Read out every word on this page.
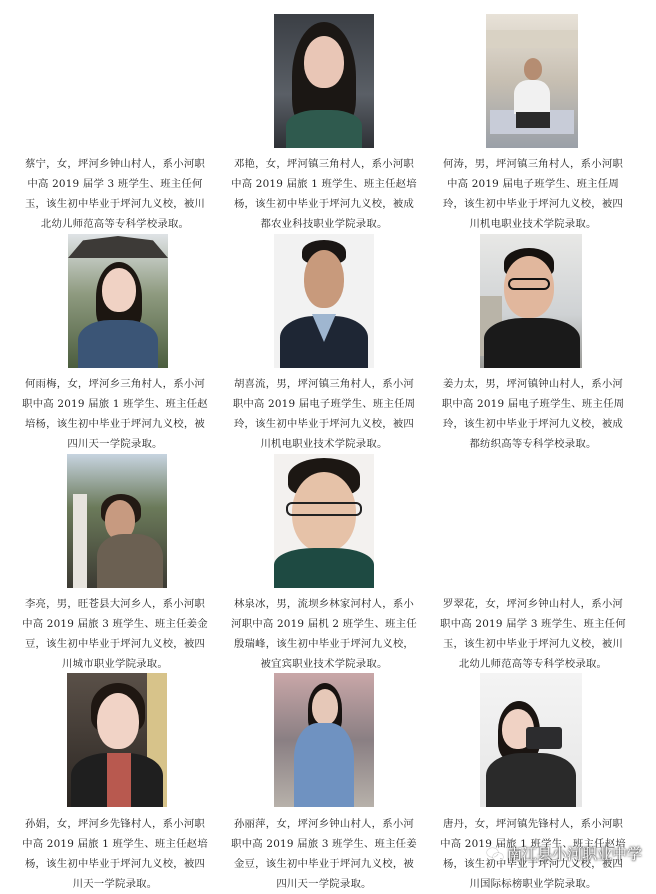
蔡宁，女，坪河乡钟山村人，系小河职中高 2019 届学 3 班学生、班主任何玉，该生初中毕业于坪河九义校，被川北幼儿师范高等专科学校录取。
邓艳，女，坪河镇三角村人，系小河职中高 2019 届旅 1 班学生、班主任赵培杨，该生初中毕业于坪河九义校，被成都农业科技职业学院录取。
何涛，男，坪河镇三角村人，系小河职中高 2019 届电子班学生、班主任周玲，该生初中毕业于坪河九义校，被四川机电职业技术学院录取。
何雨梅，女，坪河乡三角村人，系小河职中高 2019 届旅 1 班学生、班主任赵培杨，该生初中毕业于坪河九义校，被四川天一学院录取。
胡喜流，男，坪河镇三角村人，系小河职中高 2019 届电子班学生、班主任周玲，该生初中毕业于坪河九义校，被四川机电职业技术学院录取。
姜力太，男，坪河镇钟山村人，系小河职中高 2019 届电子班学生、班主任周玲，该生初中毕业于坪河九义校，被成都纺织高等专科学校录取。
李亮，男，旺苍县大河乡人，系小河职中高 2019 届旅 3 班学生、班主任姜金豆，该生初中毕业于坪河九义校，被四川城市职业学院录取。
林泉冰，男，流坝乡林家河村人，系小河职中高 2019 届机 2 班学生、班主任殷瑞峰，该生初中毕业于坪河九义校，被宜宾职业技术学院录取。
罗翠花，女，坪河乡钟山村人，系小河职中高 2019 届学 3 班学生、班主任何玉，该生初中毕业于坪河九义校，被川北幼儿师范高等专科学校录取。
孙娟，女，坪河乡先锋村人，系小河职中高 2019 届旅 1 班学生、班主任赵培杨，该生初中毕业于坪河九义校，被四川天一学院录取。
孙丽萍，女，坪河乡钟山村人，系小河职中高 2019 届旅 3 班学生、班主任姜金豆，该生初中毕业于坪河九义校，被四川天一学院录取。
唐丹，女，坪河镇先锋村人，系小河职中高 2019 届旅 1 班学生、班主任赵培杨，该生初中毕业于坪河九义校，被四川国际标榜职业学院录取。
南江县小河职业中学
